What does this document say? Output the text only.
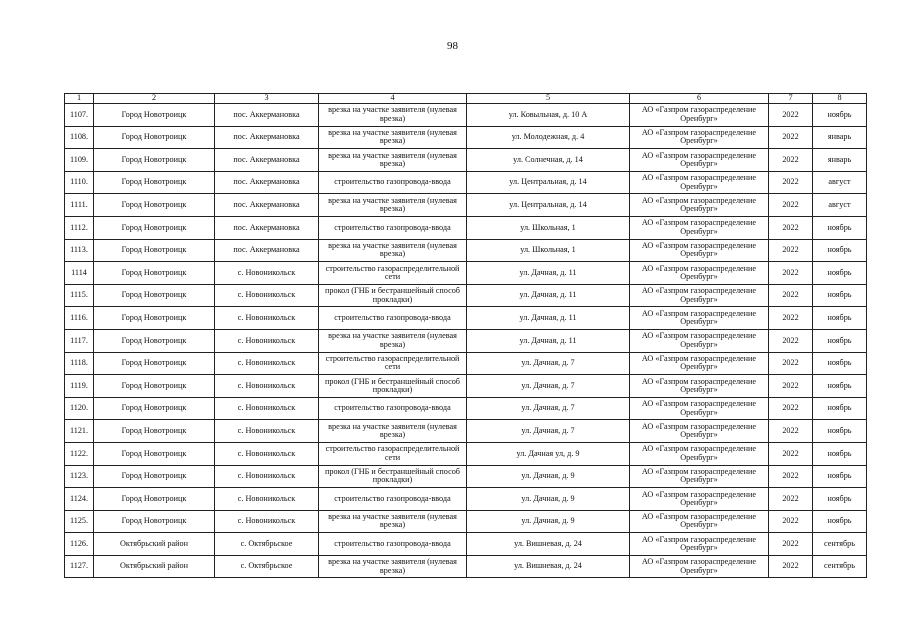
98
1	2	3	4	5	6	7	8
1107.	Город Новотроицк	пос. Аккермановка	врезка на участке заявителя (нулевая врезка)	ул. Ковыльная, д. 10 А	АО «Газпром газораспределение Оренбург»	2022	ноябрь
1108.	Город Новотроицк	пос. Аккермановка	врезка на участке заявителя (нулевая врезка)	ул. Молодежная, д. 4	АО «Газпром газораспределение Оренбург»	2022	январь
1109.	Город Новотроицк	пос. Аккермановка	врезка на участке заявителя (нулевая врезка)	ул. Солнечная, д. 14	АО «Газпром газораспределение Оренбург»	2022	январь
1110.	Город Новотроицк	пос. Аккермановка	строительство газопровода-ввода	ул. Центральная, д. 14	АО «Газпром газораспределение Оренбург»	2022	август
1111.	Город Новотроицк	пос. Аккермановка	врезка на участке заявителя (нулевая врезка)	ул. Центральная, д. 14	АО «Газпром газораспределение Оренбург»	2022	август
1112.	Город Новотроицк	пос. Аккермановка	строительство газопровода-ввода	ул. Школьная, 1	АО «Газпром газораспределение Оренбург»	2022	ноябрь
1113.	Город Новотроицк	пос. Аккермановка	врезка на участке заявителя (нулевая врезка)	ул. Школьная, 1	АО «Газпром газораспределение Оренбург»	2022	ноябрь
1114	Город Новотроицк	с. Новоникольск	строительство газораспределительной сети	ул. Дачная, д. 11	АО «Газпром газораспределение Оренбург»	2022	ноябрь
1115.	Город Новотроицк	с. Новоникольск	прокол (ГНБ и бестраншейный способ прокладки)	ул. Дачная, д. 11	АО «Газпром газораспределение Оренбург»	2022	ноябрь
1116.	Город Новотроицк	с. Новоникольск	строительство газопровода-ввода	ул. Дачная, д. 11	АО «Газпром газораспределение Оренбург»	2022	ноябрь
1117.	Город Новотроицк	с. Новоникольск	врезка на участке заявителя (нулевая врезка)	ул. Дачная, д. 11	АО «Газпром газораспределение Оренбург»	2022	ноябрь
1118.	Город Новотроицк	с. Новоникольск	строительство газораспределительной сети	ул. Дачная, д. 7	АО «Газпром газораспределение Оренбург»	2022	ноябрь
1119.	Город Новотроицк	с. Новоникольск	прокол (ГНБ и бестраншейный способ прокладки)	ул. Дачная, д. 7	АО «Газпром газораспределение Оренбург»	2022	ноябрь
1120.	Город Новотроицк	с. Новоникольск	строительство газопровода-ввода	ул. Дачная, д. 7	АО «Газпром газораспределение Оренбург»	2022	ноябрь
1121.	Город Новотроицк	с. Новоникольск	врезка на участке заявителя (нулевая врезка)	ул. Дачная, д. 7	АО «Газпром газораспределение Оренбург»	2022	ноябрь
1122.	Город Новотроицк	с. Новоникольск	строительство газораспределительной сети	ул. Дачная ул, д. 9	АО «Газпром газораспределение Оренбург»	2022	ноябрь
1123.	Город Новотроицк	с. Новоникольск	прокол (ГНБ и бестраншейный способ прокладки)	ул. Дачная, д. 9	АО «Газпром газораспределение Оренбург»	2022	ноябрь
1124.	Город Новотроицк	с. Новоникольск	строительство газопровода-ввода	ул. Дачная, д. 9	АО «Газпром газораспределение Оренбург»	2022	ноябрь
1125.	Город Новотроицк	с. Новоникольск	врезка на участке заявителя (нулевая врезка)	ул. Дачная, д. 9	АО «Газпром газораспределение Оренбург»	2022	ноябрь
1126.	Октябрьский район	с. Октябрьское	строительство газопровода-ввода	ул. Вишневая, д. 24	АО «Газпром газораспределение Оренбург»	2022	сентябрь
1127.	Октябрьский район	с. Октябрьское	врезка на участке заявителя (нулевая врезка)	ул. Вишневая, д. 24	АО «Газпром газораспределение Оренбург»	2022	сентябрь
